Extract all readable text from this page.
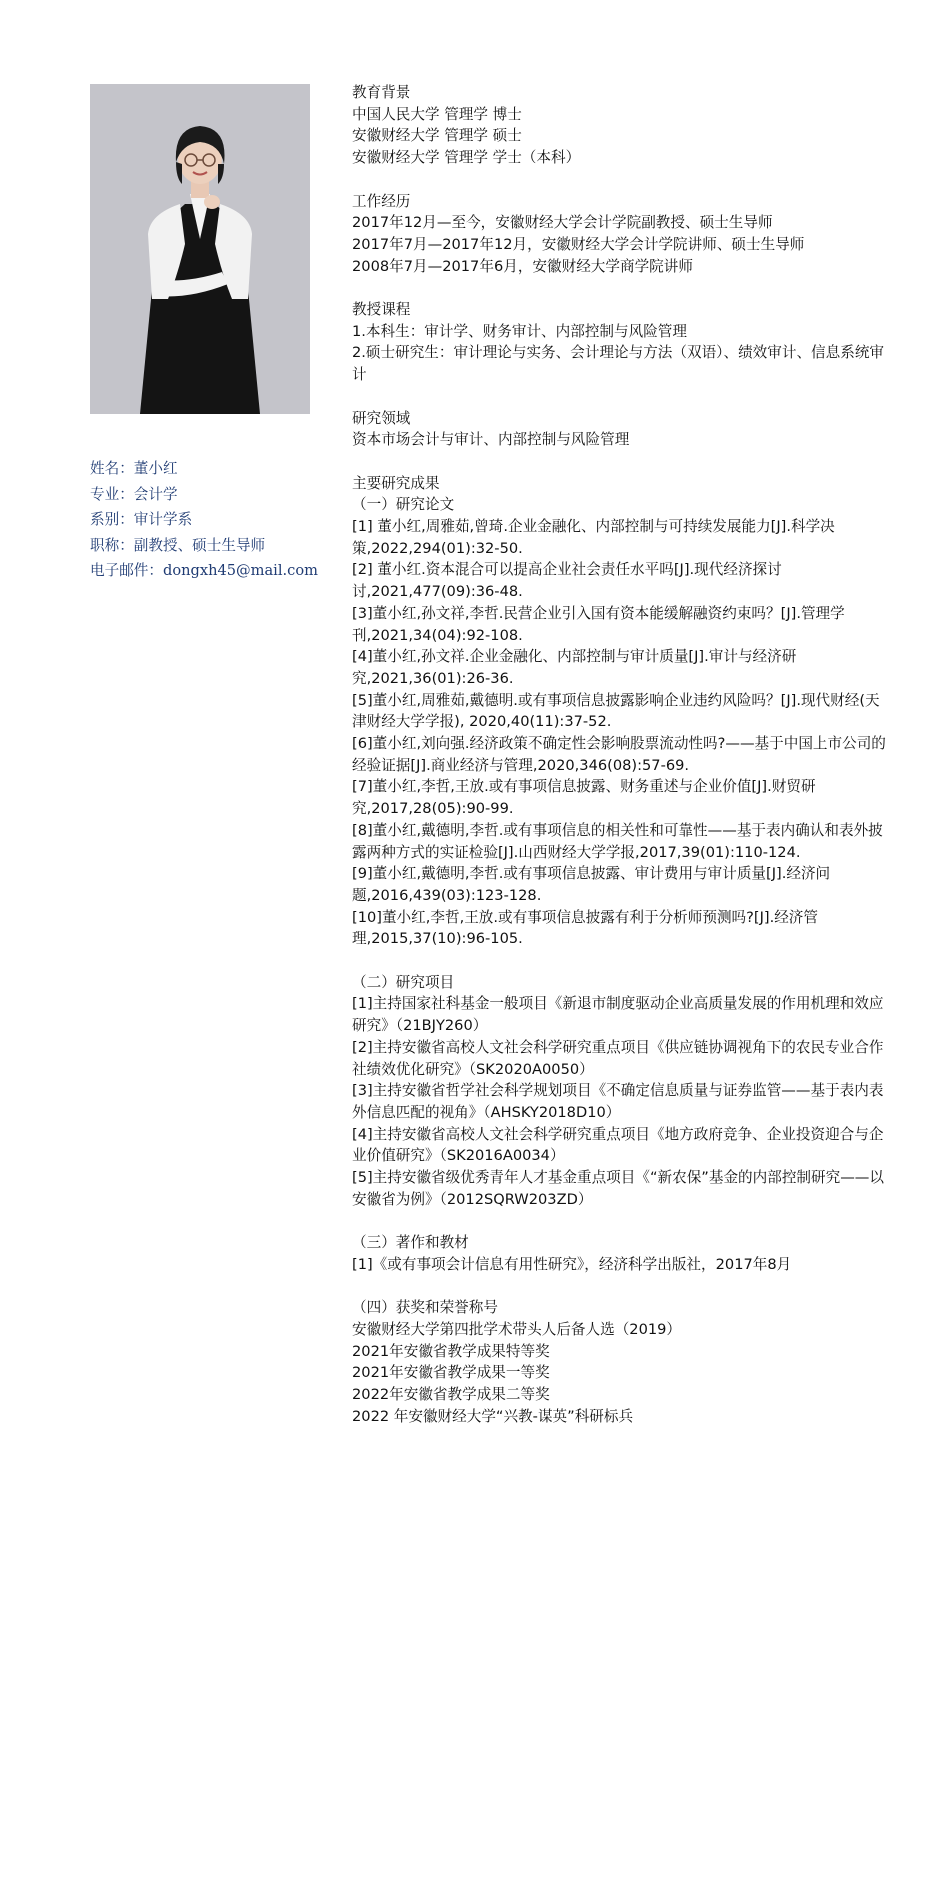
姓名：董小红
专业：会计学
系别：审计学系
职称：副教授、硕士生导师
电子邮件：dongxh45@mail.com

教育背景

中国人民大学 管理学 博士

安徽财经大学 管理学 硕士

安徽财经大学 管理学 学士（本科）

工作经历

2017年12月—至今，安徽财经大学会计学院副教授、硕士生导师

2017年7月—2017年12月，安徽财经大学会计学院讲师、硕士生导师

2008年7月—2017年6月，安徽财经大学商学院讲师

教授课程

1.本科生：审计学、财务审计、内部控制与风险管理

2.硕士研究生：审计理论与实务、会计理论与方法（双语）、绩效审计、信息系统审计

研究领域

资本市场会计与审计、内部控制与风险管理

主要研究成果

（一）研究论文

[1] 董小红,周雅茹,曾琦.企业金融化、内部控制与可持续发展能力[J].科学决策,2022,294(01):32-50.

[2] 董小红.资本混合可以提高企业社会责任水平吗[J].现代经济探讨讨,2021,477(09):36-48.

[3]董小红,孙文祥,李哲.民营企业引入国有资本能缓解融资约束吗？[J].管理学刊,2021,34(04):92-108.

[4]董小红,孙文祥.企业金融化、内部控制与审计质量[J].审计与经济研究,2021,36(01):26-36.

[5]董小红,周雅茹,戴德明.或有事项信息披露影响企业违约风险吗？[J].现代财经(天津财经大学学报), 2020,40(11):37-52.

[6]董小红,刘向强.经济政策不确定性会影响股票流动性吗?——基于中国上市公司的经验证据[J].商业经济与管理,2020,346(08):57-69.

[7]董小红,李哲,王放.或有事项信息披露、财务重述与企业价值[J].财贸研究,2017,28(05):90-99.

[8]董小红,戴德明,李哲.或有事项信息的相关性和可靠性——基于表内确认和表外披露两种方式的实证检验[J].山西财经大学学报,2017,39(01):110-124.

[9]董小红,戴德明,李哲.或有事项信息披露、审计费用与审计质量[J].经济问题,2016,439(03):123-128.

[10]董小红,李哲,王放.或有事项信息披露有利于分析师预测吗?[J].经济管理,2015,37(10):96-105.

（二）研究项目

[1]主持国家社科基金一般项目《新退市制度驱动企业高质量发展的作用机理和效应研究》（21BJY260）

[2]主持安徽省高校人文社会科学研究重点项目《供应链协调视角下的农民专业合作社绩效优化研究》（SK2020A0050）

[3]主持安徽省哲学社会科学规划项目《不确定信息质量与证券监管——基于表内表外信息匹配的视角》（AHSKY2018D10）

[4]主持安徽省高校人文社会科学研究重点项目《地方政府竞争、企业投资迎合与企业价值研究》（SK2016A0034）

[5]主持安徽省级优秀青年人才基金重点项目《“新农保”基金的内部控制研究——以安徽省为例》（2012SQRW203ZD）

（三）著作和教材

[1]《或有事项会计信息有用性研究》，经济科学出版社，2017年8月

（四）获奖和荣誉称号

安徽财经大学第四批学术带头人后备人选（2019）

2021年安徽省教学成果特等奖

2021年安徽省教学成果一等奖

2022年安徽省教学成果二等奖

2022 年安徽财经大学“兴教-谋英”科研标兵
